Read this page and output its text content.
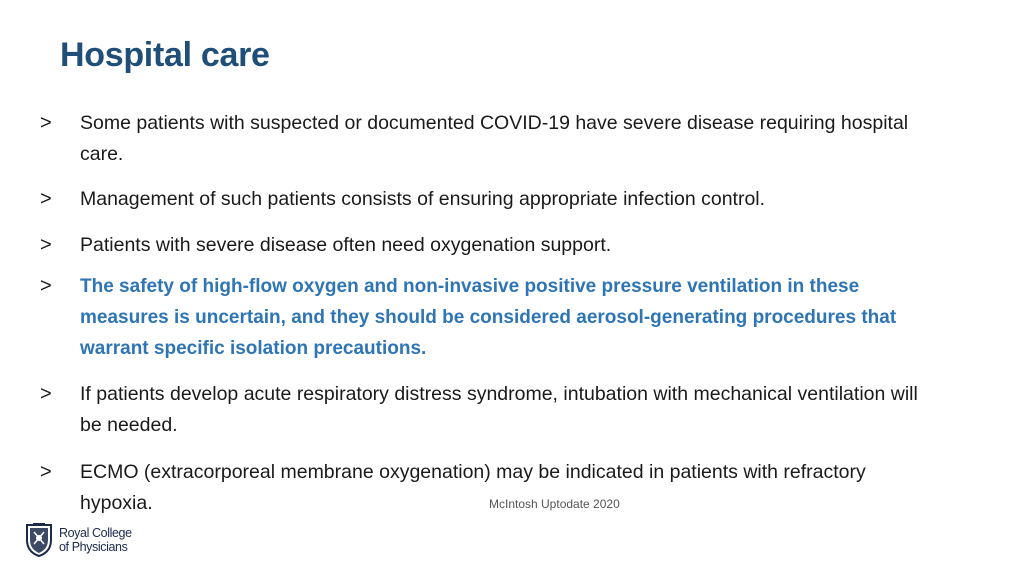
Hospital care
> Some patients with suspected or documented COVID-19 have severe disease requiring hospital care.
> Management of such patients consists of ensuring appropriate infection control.
> Patients with severe disease often need oxygenation support.
> The safety of high-flow oxygen and non-invasive positive pressure ventilation in these measures is uncertain, and they should be considered aerosol-generating procedures that warrant specific isolation precautions.
> If patients develop acute respiratory distress syndrome, intubation with mechanical ventilation will be needed.
> ECMO (extracorporeal membrane oxygenation) may be indicated in patients with refractory hypoxia.	McIntosh Uptodate 2020
Royal College
of Physicians
